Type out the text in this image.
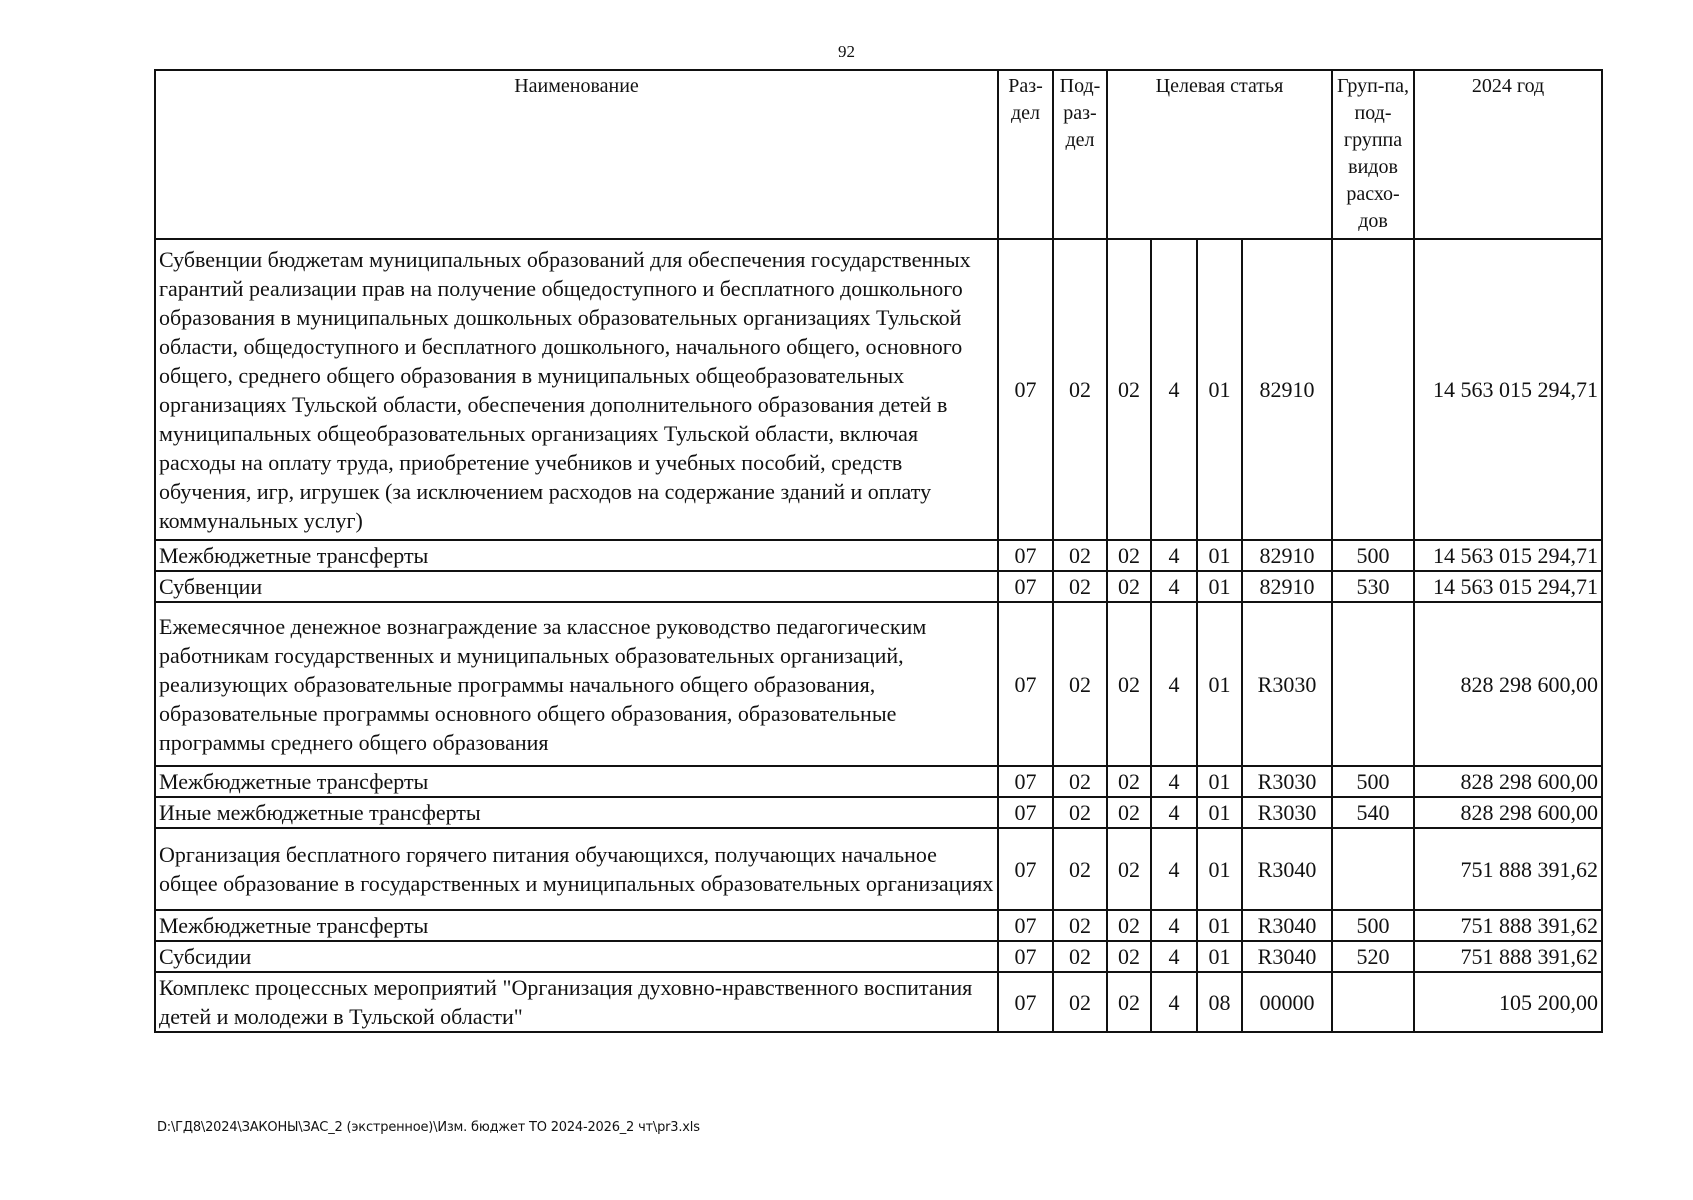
92
Наименование	Раз-дел	Под-раз-дел	Целевая статья				Груп-па, под-группа видов расхо-дов	2024 год
Субвенции бюджетам муниципальных образований для обеспечения государственных гарантий реализации прав на получение общедоступного и бесплатного дошкольного образования в муниципальных дошкольных образовательных организациях Тульской области, общедоступного и бесплатного дошкольного, начального общего, основного общего, среднего общего образования в муниципальных общеобразовательных организациях Тульской области, обеспечения дополнительного образования детей в муниципальных общеобразовательных организациях Тульской области, включая расходы на оплату труда, приобретение учебников и учебных пособий, средств обучения, игр, игрушек (за исключением расходов на содержание зданий и оплату коммунальных услуг)	07	02	02	4	01	82910		14 563 015 294,71
Межбюджетные трансферты	07	02	02	4	01	82910	500	14 563 015 294,71
Субвенции	07	02	02	4	01	82910	530	14 563 015 294,71
Ежемесячное денежное вознаграждение за классное руководство педагогическим работникам государственных и муниципальных образовательных организаций, реализующих образовательные программы начального общего образования, образовательные программы основного общего образования, образовательные программы среднего общего образования	07	02	02	4	01	R3030		828 298 600,00
Межбюджетные трансферты	07	02	02	4	01	R3030	500	828 298 600,00
Иные межбюджетные трансферты	07	02	02	4	01	R3030	540	828 298 600,00
Организация бесплатного горячего питания обучающихся, получающих начальное общее образование в государственных и муниципальных образовательных организациях	07	02	02	4	01	R3040		751 888 391,62
Межбюджетные трансферты	07	02	02	4	01	R3040	500	751 888 391,62
Субсидии	07	02	02	4	01	R3040	520	751 888 391,62
Комплекс процессных мероприятий "Организация духовно-нравственного воспитания детей и молодежи в Тульской области"	07	02	02	4	08	00000		105 200,00
D:\ГД8\2024\ЗАКОНЫ\ЗАС_2 (экстренное)\Изм. бюджет ТО 2024-2026_2 чт\pr3.xls
